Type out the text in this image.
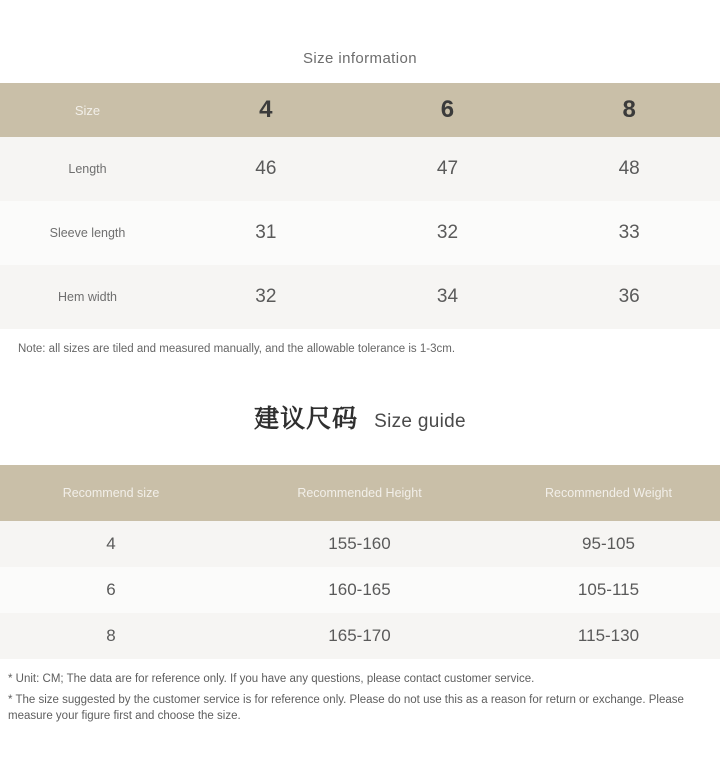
Size information
Size	4	6	8
Length	46	47	48
Sleeve length	31	32	33
Hem width	32	34	36
Note: all sizes are tiled and measured manually, and the allowable tolerance is 1-3cm.
建议尺码 Size guide
Recommend size	Recommended Height	Recommended Weight
4	155-160	95-105
6	160-165	105-115
8	165-170	115-130
* Unit: CM; The data are for reference only. If you have any questions, please contact customer service.
* The size suggested by the customer service is for reference only. Please do not use this as a reason for return or exchange. Please measure your figure first and choose the size.
